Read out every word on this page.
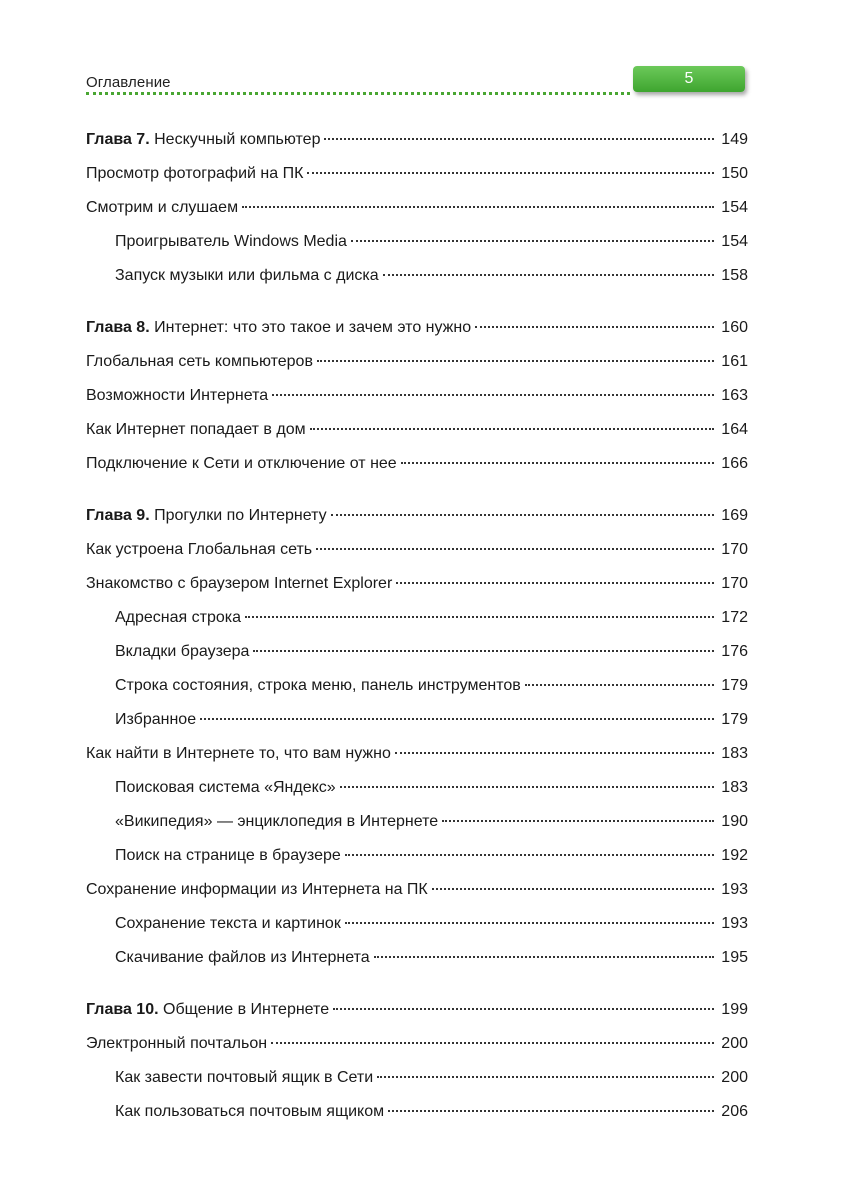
Оглавление	5
Глава 7. Нескучный компьютер	149
Просмотр фотографий на ПК	150
Смотрим и слушаем	154
Проигрыватель Windows Media	154
Запуск музыки или фильма с диска	158
Глава 8. Интернет: что это такое и зачем это нужно	160
Глобальная сеть компьютеров	161
Возможности Интернета	163
Как Интернет попадает в дом	164
Подключение к Сети и отключение от нее	166
Глава 9. Прогулки по Интернету	169
Как устроена Глобальная сеть	170
Знакомство с браузером Internet Explorer	170
Адресная строка	172
Вкладки браузера	176
Строка состояния, строка меню, панель инструментов	179
Избранное	179
Как найти в Интернете то, что вам нужно	183
Поисковая система «Яндекс»	183
«Википедия» — энциклопедия в Интернете	190
Поиск на странице в браузере	192
Сохранение информации из Интернета на ПК	193
Сохранение текста и картинок	193
Скачивание файлов из Интернета	195
Глава 10. Общение в Интернете	199
Электронный почтальон	200
Как завести почтовый ящик в Сети	200
Как пользоваться почтовым ящиком	206
